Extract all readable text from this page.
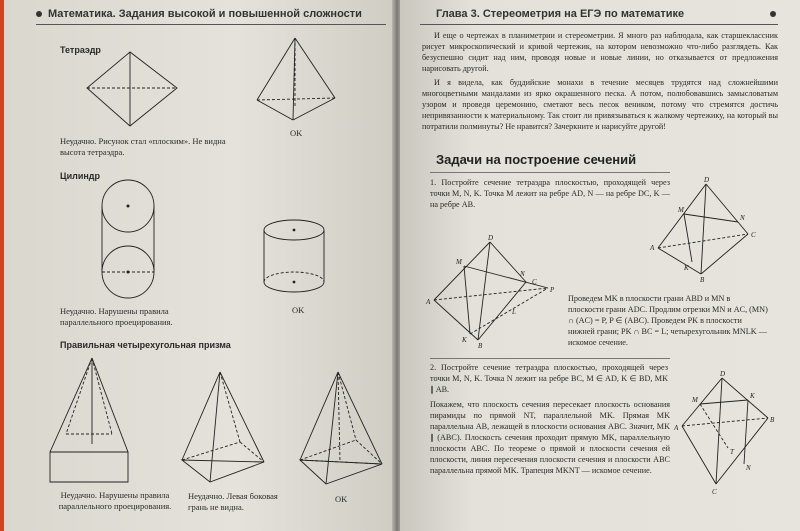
Математика. Задания высокой и повышенной сложности
Тетраэдр
Неудачно. Рисунок стал «плоским». Не видна высота тетраэдра.
OK
Цилиндр
Неудачно. Нарушены правила параллельного проецирования.
OK
Правильная четырехугольная призма
Неудачно. Нарушены правила параллельного проецирования.
Неудачно. Левая боковая грань не видна.
OK
Глава 3. Стереометрия на ЕГЭ по математике
И еще о чертежах в планиметрии и стереометрии. Я много раз наблюдала, как старшеклассник рисует микроскопический и кривой чертежик, на котором невозможно что-либо разглядеть. Как безуспешно сидит над ним, проводя новые и новые линии, но отказывается от предложения нарисовать другой.
И я видела, как буддийские монахи в течение месяцев трудятся над сложнейшими многоцветными мандалами из ярко окрашенного песка. А потом, полюбовавшись замысловатым узором и проведя церемонию, сметают весь песок веником, потому что стремятся достичь непривязанности к материальному. Так стоит ли привязываться к жалкому чертежику, на который вы потратили полминуты? Не нравится? Зачеркните и нарисуйте другой!
Задачи на построение сечений
1. Постройте сечение тетраэдра плоскостью, проходящей через точки M, N, K. Точка M лежит на ребре AD, N — на ребре DC, K — на ребре AB.
D
M
N
C
A
K
B
D
M
N
C
P
A
L
K
B
Проведем MK в плоскости грани ABD и MN в плоскости грани ADC. Продлим отрезки MN и AC, (MN) ∩ (AC) = P, P ∈ (ABC). Проведем PK в плоскости нижней грани; PK ∩ BC = L; четырехугольник MNLK — искомое сечение.
2. Постройте сечение тетраэдра плоскостью, проходящей через точки M, N, K. Точка N лежит на ребре BC, M ∈ AD, K ∈ BD, MK ∥ AB.
Покажем, что плоскость сечения пересекает плоскость основания пирамиды по прямой NT, параллельной MK. Прямая MK параллельна AB, лежащей в плоскости основания ABC. Значит, MK ∥ (ABC). Плоскость сечения проходит прямую MK, параллельную плоскости ABC. По теореме о прямой и плоскости сечения ей плоскости, линия пересечения плоскости сечения и плоскости ABC параллельна прямой MK. Трапеция MKNT — искомое сечение.
D
M	K
A
B
T
N
C
